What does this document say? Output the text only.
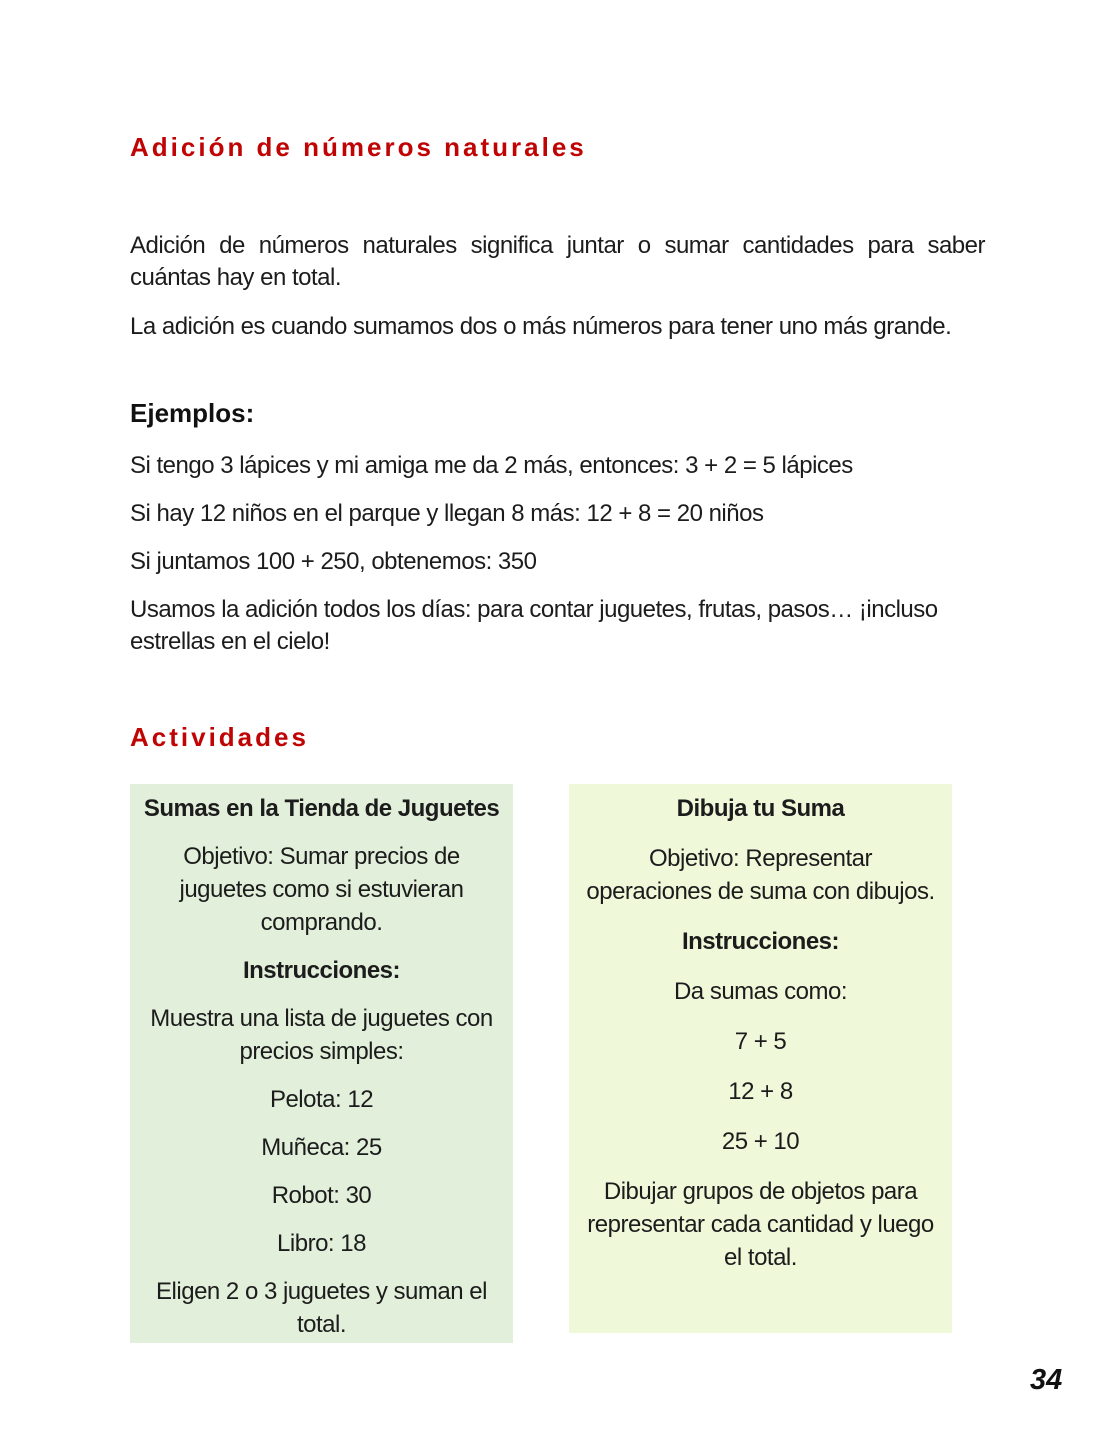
Adición de números naturales
Adición de números naturales significa juntar o sumar cantidades para saber
cuántas hay en total.
La adición es cuando sumamos dos o más números para tener uno más grande.
Ejemplos:
Si tengo 3 lápices y mi amiga me da 2 más, entonces: 3 + 2 = 5 lápices
Si hay 12 niños en el parque y llegan 8 más: 12 + 8 = 20 niños
Si juntamos 100 + 250, obtenemos: 350
Usamos la adición todos los días: para contar juguetes, frutas, pasos… ¡incluso
estrellas en el cielo!
Actividades
Sumas en la Tienda de Juguetes
Objetivo: Sumar precios de
juguetes como si estuvieran
comprando.
Instrucciones:
Muestra una lista de juguetes con
precios simples:
Pelota: 12
Muñeca: 25
Robot: 30
Libro: 18
Eligen 2 o 3 juguetes y suman el
total.
Dibuja tu Suma
Objetivo: Representar
operaciones de suma con dibujos.
Instrucciones:
Da sumas como:
7 + 5
12 + 8
25 + 10
Dibujar grupos de objetos para
representar cada cantidad y luego
el total.
34
